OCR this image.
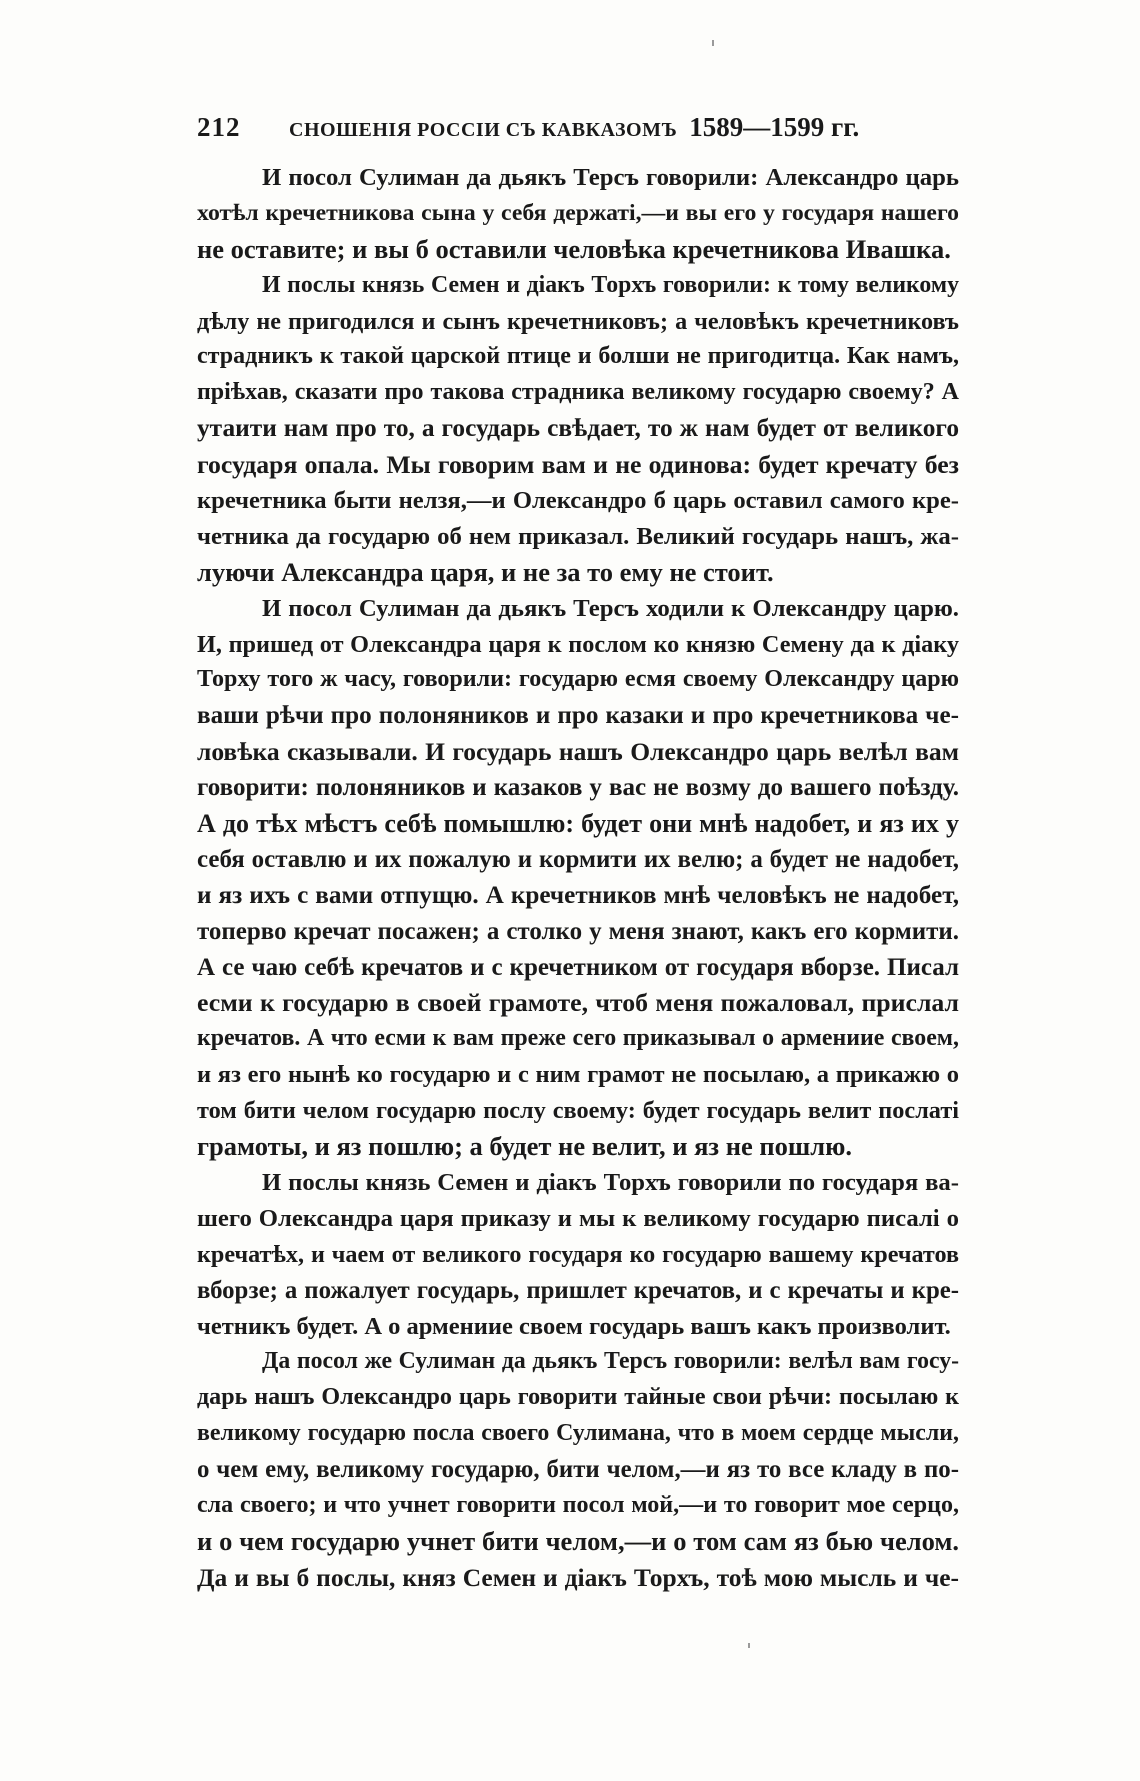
212	СНОШЕНІЯ РОССІИ СЪ КАВКАЗОМЪ 1589—1599 гг.
И посол Сулиман да дьякъ Терсъ говорили: Александро царь
хотѣл кречетникова сына у себя держатi,—и вы его у государя нашего
не оставите; и вы б оставили человѣка кречетникова Ивашка.
И послы князь Семен и дiакъ Торхъ говорили: к тому великому
дѣлу не пригодился и сынъ кречетниковъ; а человѣкъ кречетниковъ
страдникъ к такой царской птице и болши не пригодитца. Как намъ,
прiѣхав, сказати про такова страдника великому государю своему? А
утаити нам про то, а государь свѣдает, то ж нам будет от великого
государя опала. Мы говорим вам и не одинова: будет кречату без
кречетника быти нелзя,—и Олександро б царь оставил самого кре-
четника да государю об нем приказал. Великий государь нашъ, жа-
луючи Александра царя, и не за то ему не стоит.
И посол Сулиман да дьякъ Терсъ ходили к Олександру царю.
И, пришед от Олександра царя к послом ко князю Семену да к дiаку
Торху того ж часу, говорили: государю есмя своему Олександру царю
ваши рѣчи про полоняников и про казаки и про кречетникова че-
ловѣка сказывали. И государь нашъ Олександро царь велѣл вам
говорити: полоняников и казаков у вас не возму до вашего поѣзду.
А до тѣх мѣстъ себѣ помышлю: будет они мнѣ надобет, и яз их у
себя оставлю и их пожалую и кормити их велю; а будет не надобет,
и яз ихъ с вами отпущю. А кречетников мнѣ человѣкъ не надобет,
топерво кречат посажен; а столко у меня знают, какъ его кормити.
А се чаю себѣ кречатов и с кречетником от государя вборзе. Писал
есми к государю в своей грамоте, чтоб меня пожаловал, прислал
кречатов. А что есми к вам преже сего приказывал о армениие своем,
и яз его нынѣ ко государю и с ним грамот не посылаю, а прикажю о
том бити челом государю послу своему: будет государь велит послатi
грамоты, и яз пошлю; а будет не велит, и яз не пошлю.
И послы князь Семен и дiакъ Торхъ говорили по государя ва-
шего Олександра царя приказу и мы к великому государю писалi о
кречатѣх, и чаем от великого государя ко государю вашему кречатов
вборзе; а пожалует государь, пришлет кречатов, и с кречаты и кре-
четникъ будет. А о армениие своем государь вашъ какъ произволит.
Да посол же Сулиман да дьякъ Терсъ говорили: велѣл вам госу-
дарь нашъ Олександро царь говорити тайные свои рѣчи: посылаю к
великому государю посла своего Сулимана, что в моем сердце мысли,
о чем ему, великому государю, бити челом,—и яз то все кладу в по-
сла своего; и что учнет говорити посол мой,—и то говорит мое серцо,
и о чем государю учнет бити челом,—и о том сам яз бью челом.
Да и вы б послы, княз Семен и дiакъ Торхъ, тоѣ мою мысль и че-
